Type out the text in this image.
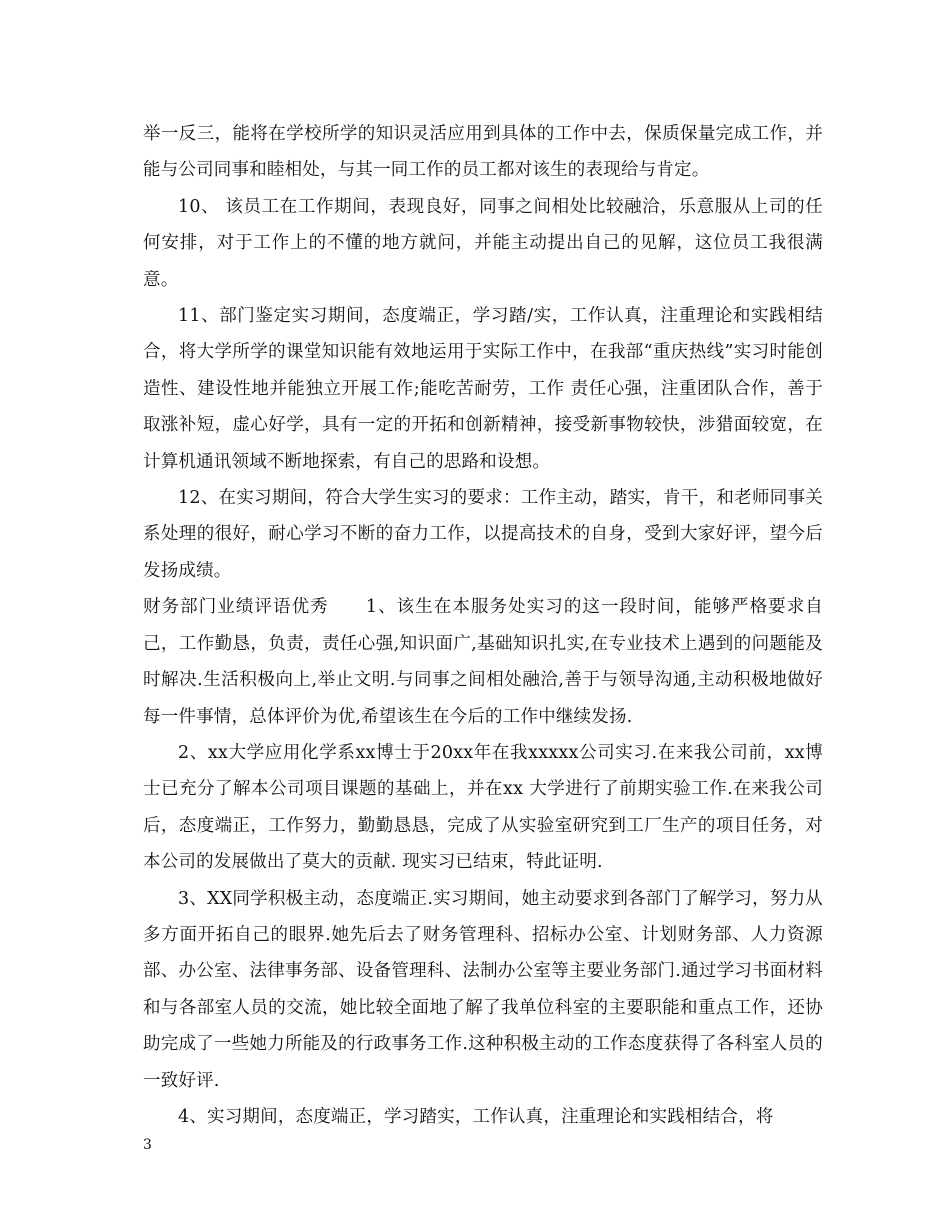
举一反三，能将在学校所学的知识灵活应用到具体的工作中去，保质保量完成工作，并能与公司同事和睦相处，与其一同工作的员工都对该生的表现给与肯定。

10、 该员工在工作期间，表现良好，同事之间相处比较融洽，乐意服从上司的任何安排，对于工作上的不懂的地方就问，并能主动提出自己的见解，这位员工我很满意。

11、部门鉴定实习期间，态度端正，学习踏/实，工作认真，注重理论和实践相结合，将大学所学的课堂知识能有效地运用于实际工作中，在我部“重庆热线”实习时能创造性、建设性地并能独立开展工作;能吃苦耐劳，工作 责任心强，注重团队合作，善于取涨补短，虚心好学，具有一定的开拓和创新精神，接受新事物较快，涉猎面较宽，在计算机通讯领域不断地探索，有自己的思路和设想。

12、在实习期间，符合大学生实习的要求：工作主动，踏实，肯干，和老师同事关系处理的很好，耐心学习不断的奋力工作，以提高技术的自身，受到大家好评，望今后发扬成绩。

财务部门业绩评语优秀　　1、该生在本服务处实习的这一段时间，能够严格要求自己，工作勤恳，负责，责任心强,知识面广,基础知识扎实,在专业技术上遇到的问题能及时解决.生活积极向上,举止文明.与同事之间相处融洽,善于与领导沟通,主动积极地做好每一件事情，总体评价为优,希望该生在今后的工作中继续发扬.

2、xx大学应用化学系xx博士于20xx年在我xxxxx公司实习.在来我公司前，xx博士已充分了解本公司项目课题的基础上，并在xx 大学进行了前期实验工作.在来我公司后，态度端正，工作努力，勤勤恳恳，完成了从实验室研究到工厂生产的项目任务，对本公司的发展做出了莫大的贡献. 现实习已结束，特此证明.

3、XX同学积极主动，态度端正.实习期间，她主动要求到各部门了解学习，努力从多方面开拓自己的眼界.她先后去了财务管理科、招标办公室、计划财务部、人力资源部、办公室、法律事务部、设备管理科、法制办公室等主要业务部门.通过学习书面材料和与各部室人员的交流，她比较全面地了解了我单位科室的主要职能和重点工作，还协助完成了一些她力所能及的行政事务工作.这种积极主动的工作态度获得了各科室人员的一致好评.

4、实习期间，态度端正，学习踏实，工作认真，注重理论和实践相结合，将

3
